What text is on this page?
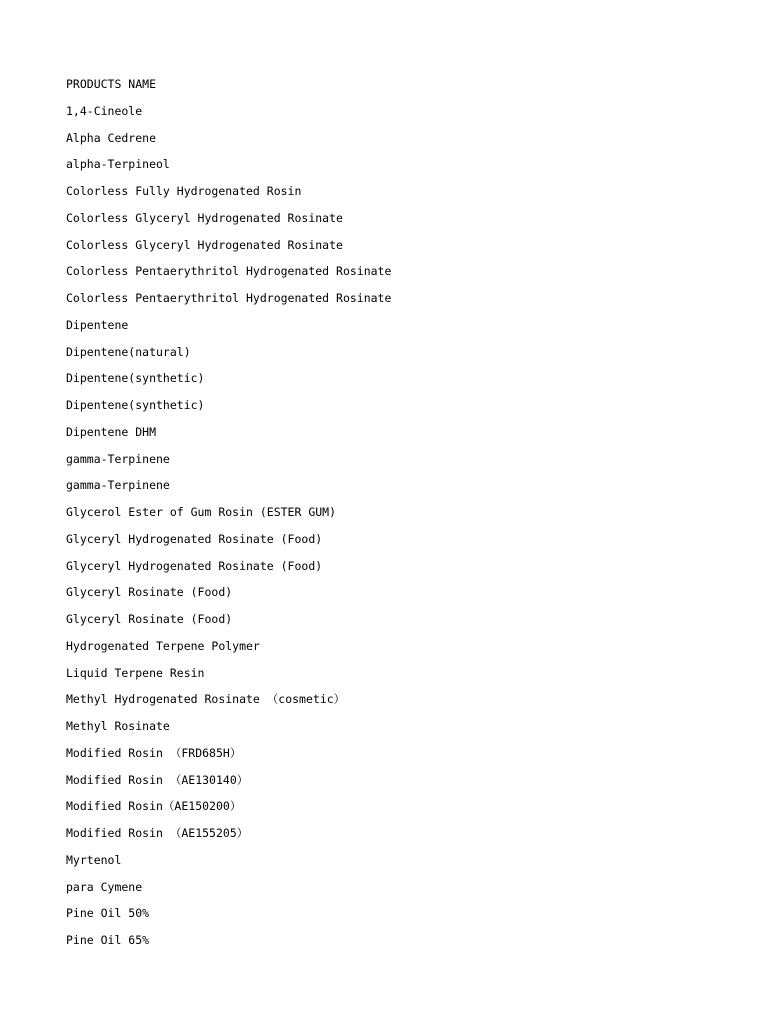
PRODUCTS NAME
1,4-Cineole
Alpha Cedrene
alpha-Terpineol
Colorless Fully Hydrogenated Rosin
Colorless Glyceryl Hydrogenated Rosinate
Colorless Glyceryl Hydrogenated Rosinate
Colorless Pentaerythritol Hydrogenated Rosinate
Colorless Pentaerythritol Hydrogenated Rosinate
Dipentene
Dipentene(natural)
Dipentene(synthetic)
Dipentene(synthetic)
Dipentene DHM
gamma-Terpinene
gamma-Terpinene
Glycerol Ester of Gum Rosin (ESTER GUM)
Glyceryl Hydrogenated Rosinate (Food)
Glyceryl Hydrogenated Rosinate (Food)
Glyceryl Rosinate (Food)
Glyceryl Rosinate (Food)
Hydrogenated Terpene Polymer
Liquid Terpene Resin
Methyl Hydrogenated Rosinate （cosmetic）
Methyl Rosinate
Modified Rosin （FRD685H）
Modified Rosin （AE130140）
Modified Rosin（AE150200）
Modified Rosin （AE155205）
Myrtenol
para Cymene
Pine Oil 50%
Pine Oil 65%
